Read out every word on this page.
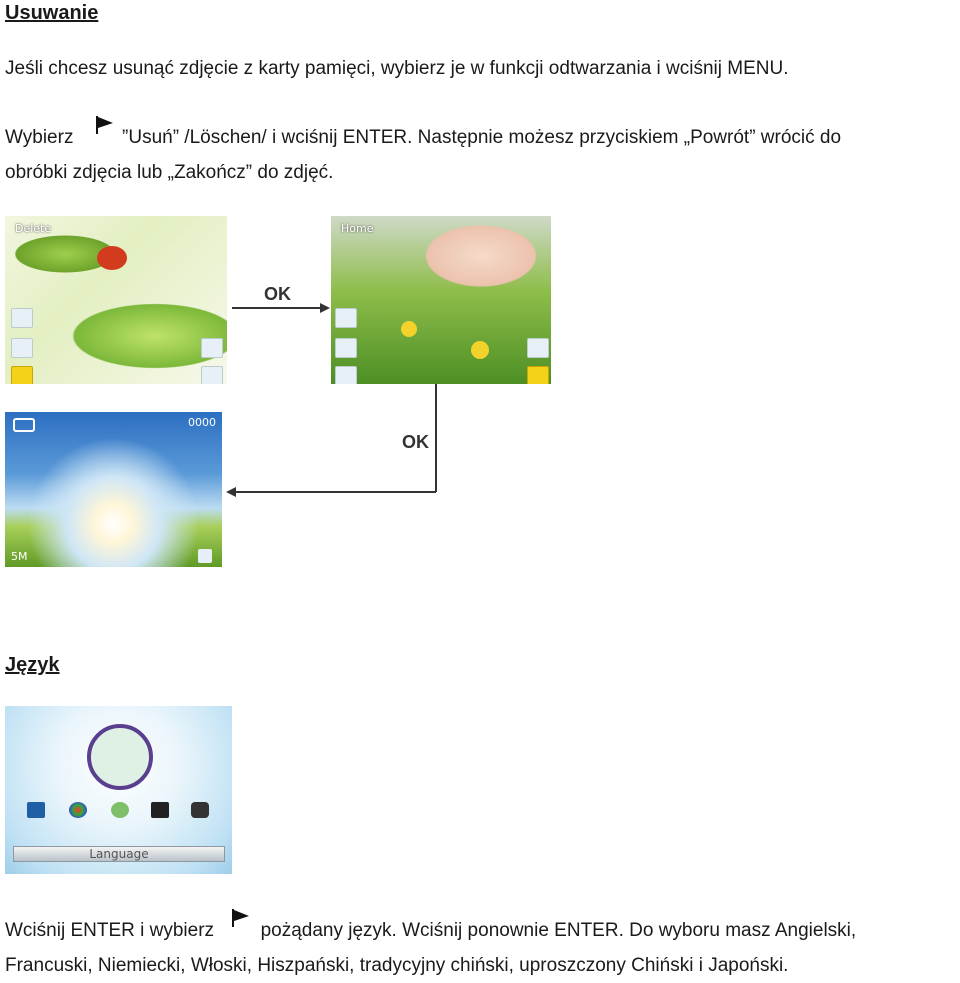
Usuwanie
Jeśli chcesz usunąć zdjęcie z karty pamięci, wybierz je w funkcji odtwarzania i wciśnij MENU.
Wybierz	”Usuń” /Löschen/ i wciśnij ENTER. Następnie możesz przyciskiem „Powrót” wrócić do
obróbki zdjęcia lub „Zakończ” do zdjęć.
Delete	Home
OK
OK
0000
5M
Język
Language
Wciśnij ENTER i wybierz pożądany język. Wciśnij ponownie ENTER. Do wyboru masz Angielski,
Francuski, Niemiecki, Włoski, Hiszpański, tradycyjny chiński, uproszczony Chiński i Japoński.
